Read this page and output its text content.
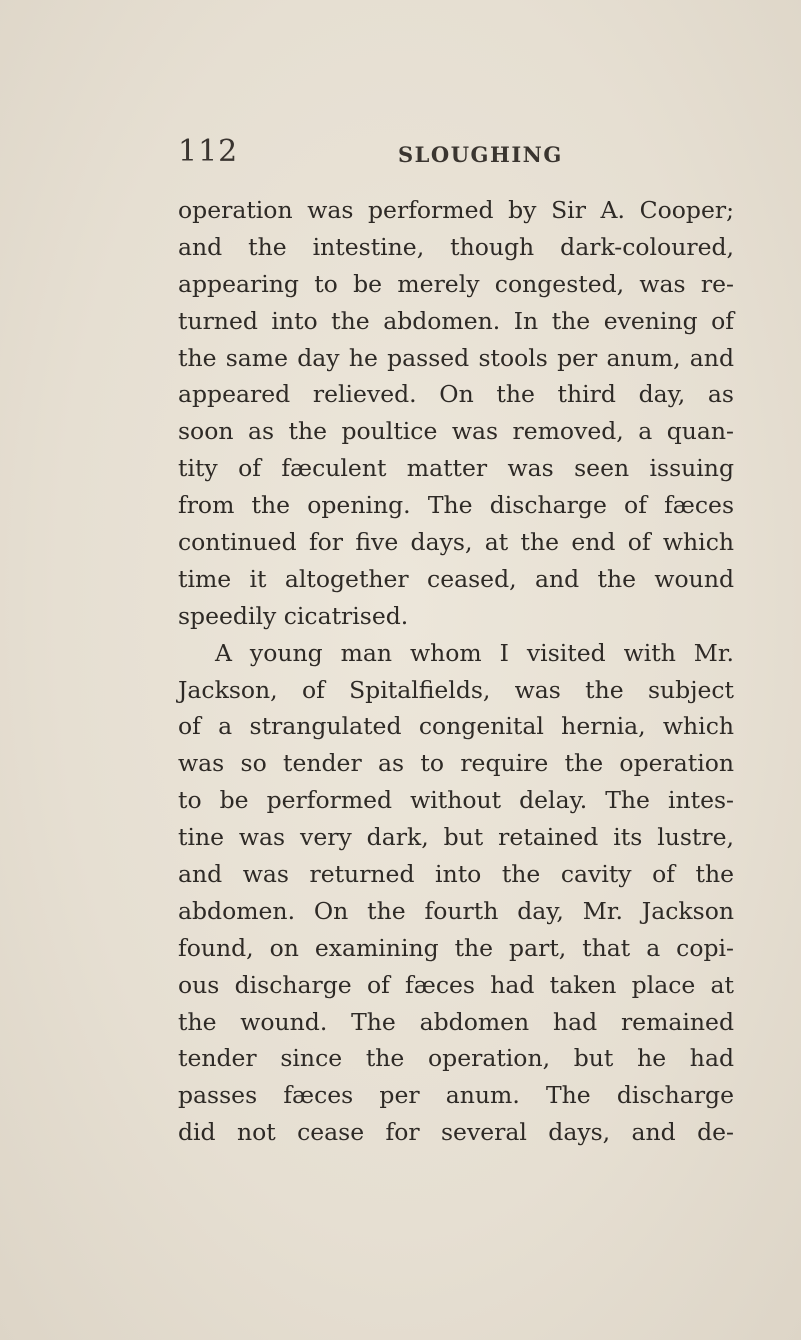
112	SLOUGHING
operation was performed by Sir A. Cooper;
and the intestine, though dark-coloured,
appearing to be merely congested, was re-
turned into the abdomen. In the evening of
the same day he passed stools per anum, and
appeared relieved. On the third day, as
soon as the poultice was removed, a quan-
tity of fæculent matter was seen issuing
from the opening. The discharge of fæces
continued for five days, at the end of which
time it altogether ceased, and the wound
speedily cicatrised.
A young man whom I visited with Mr.
Jackson, of Spitalfields, was the subject
of a strangulated congenital hernia, which
was so tender as to require the operation
to be performed without delay. The intes-
tine was very dark, but retained its lustre,
and was returned into the cavity of the
abdomen. On the fourth day, Mr. Jackson
found, on examining the part, that a copi-
ous discharge of fæces had taken place at
the wound. The abdomen had remained
tender since the operation, but he had
passes fæces per anum. The discharge
did not cease for several days, and de-
